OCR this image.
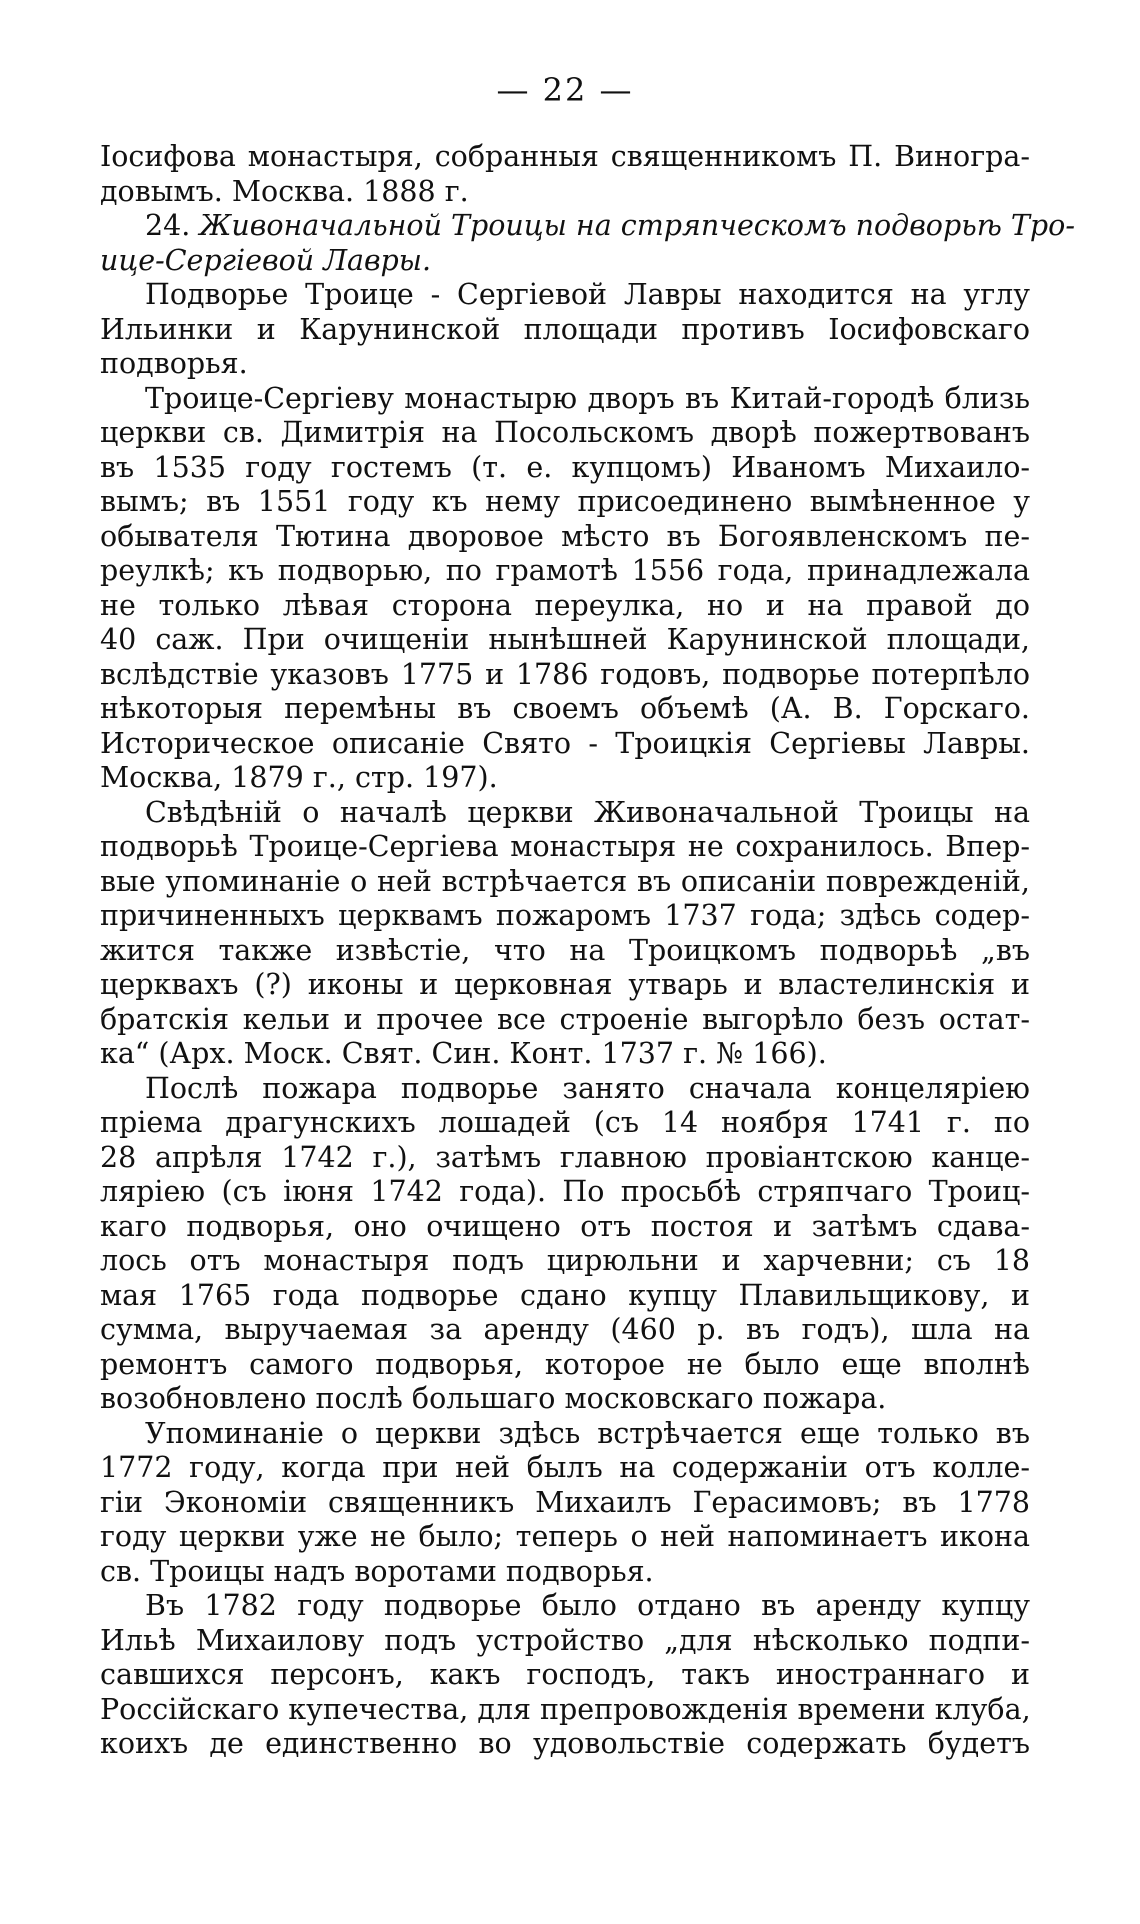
— 22 —
Іосифова монастыря, собранныя священникомъ П. Виногра-
довымъ. Москва. 1888 г.
24. Живоначальной Троицы на стряпческомъ подворьѣ Тро-
ице-Сергіевой Лавры.
Подворье Троице - Сергіевой Лавры находится на углу
Ильинки и Карунинской площади противъ Іосифовскаго
подворья.
Троице-Сергіеву монастырю дворъ въ Китай-городѣ близь
церкви св. Димитрія на Посольскомъ дворѣ пожертвованъ
въ 1535 году гостемъ (т. е. купцомъ) Иваномъ Михаило-
вымъ; въ 1551 году къ нему присоединено вымѣненное у
обывателя Тютина дворовое мѣсто въ Богоявленскомъ пе-
реулкѣ; къ подворью, по грамотѣ 1556 года, принадлежала
не только лѣвая сторона переулка, но и на правой до
40 саж. При очищеніи нынѣшней Карунинской площади,
вслѣдствіе указовъ 1775 и 1786 годовъ, подворье потерпѣло
нѣкоторыя перемѣны въ своемъ объемѣ (А. В. Горскаго.
Историческое описаніе Свято - Троицкія Сергіевы Лавры.
Москва, 1879 г., стр. 197).
Свѣдѣній о началѣ церкви Живоначальной Троицы на
подворьѣ Троице-Сергіева монастыря не сохранилось. Впер-
вые упоминаніе о ней встрѣчается въ описаніи поврежденій,
причиненныхъ церквамъ пожаромъ 1737 года; здѣсь содер-
жится также извѣстіе, что на Троицкомъ подворьѣ „въ
церквахъ (?) иконы и церковная утварь и властелинскія и
братскія кельи и прочее все строеніе выгорѣло безъ остат-
ка“ (Арх. Моск. Свят. Син. Конт. 1737 г. № 166).
Послѣ пожара подворье занято сначала концеляріею
пріема драгунскихъ лошадей (съ 14 ноября 1741 г. по
28 апрѣля 1742 г.), затѣмъ главною провіантскою канце-
ляріею (съ іюня 1742 года). По просьбѣ стряпчаго Троиц-
каго подворья, оно очищено отъ постоя и затѣмъ сдава-
лось отъ монастыря подъ цирюльни и харчевни; съ 18
мая 1765 года подворье сдано купцу Плавильщикову, и
сумма, выручаемая за аренду (460 р. въ годъ), шла на
ремонтъ самого подворья, которое не было еще вполнѣ
возобновлено послѣ большаго московскаго пожара.
Упоминаніе о церкви здѣсь встрѣчается еще только въ
1772 году, когда при ней былъ на содержаніи отъ колле-
гіи Экономіи священникъ Михаилъ Герасимовъ; въ 1778
году церкви уже не было; теперь о ней напоминаетъ икона
св. Троицы надъ воротами подворья.
Въ 1782 году подворье было отдано въ аренду купцу
Ильѣ Михаилову подъ устройство „для нѣсколько подпи-
савшихся персонъ, какъ господъ, такъ иностраннаго и
Россійскаго купечества, для препровожденія времени клуба,
коихъ де единственно во удовольствіе содержать будетъ
